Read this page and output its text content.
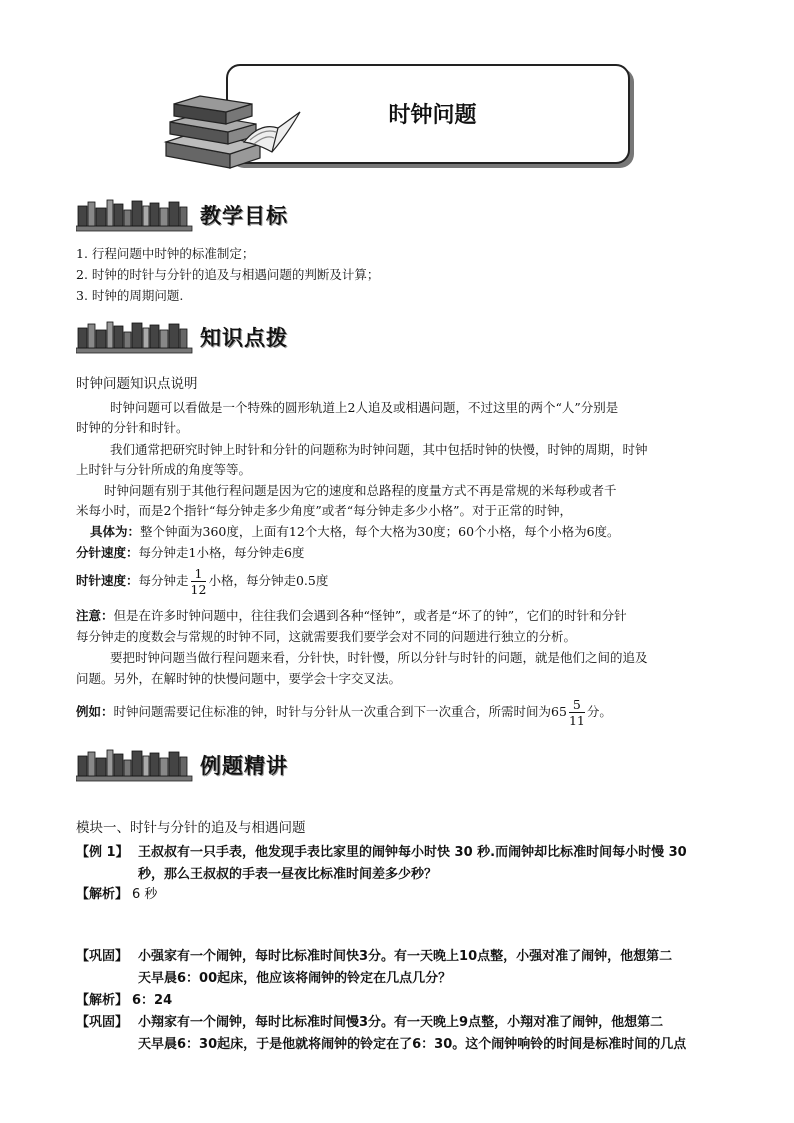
时钟问题
教学目标
1. 行程问题中时钟的标准制定；
2. 时钟的时针与分针的追及与相遇问题的判断及计算；
3. 时钟的周期问题.
知识点拨
时钟问题知识点说明
时钟问题可以看做是一个特殊的圆形轨道上2人追及或相遇问题，不过这里的两个“人”分别是
时钟的分针和时针。
我们通常把研究时钟上时针和分针的问题称为时钟问题，其中包括时钟的快慢，时钟的周期，时钟
上时针与分针所成的角度等等。
时钟问题有别于其他行程问题是因为它的速度和总路程的度量方式不再是常规的米每秒或者千
米每小时，而是2个指针“每分钟走多少角度”或者“每分钟走多少小格”。对于正常的时钟，
具体为：整个钟面为360度，上面有12个大格，每个大格为30度；60个小格，每个小格为6度。
分针速度：每分钟走1小格，每分钟走6度
时针速度：每分钟走 $\frac{1}{12}$ 小格，每分钟走0.5度
注意：但是在许多时钟问题中，往往我们会遇到各种“怪钟”，或者是“坏了的钟”，它们的时针和分针
每分钟走的度数会与常规的时钟不同，这就需要我们要学会对不同的问题进行独立的分析。
要把时钟问题当做行程问题来看，分针快，时针慢，所以分针与时针的问题，就是他们之间的追及
问题。另外，在解时钟的快慢问题中，要学会十字交叉法。
例如：时钟问题需要记住标准的钟，时针与分针从一次重合到下一次重合，所需时间为$65 \frac{5}{11}$ 分。
例题精讲
模块一、时针与分针的追及与相遇问题
【例 1】 王叔叔有一只手表，他发现手表比家里的闹钟每小时快 30 秒.而闹钟却比标准时间每小时慢 30
秒，那么王叔叔的手表一昼夜比标准时间差多少秒？
【解析】 6 秒
【巩固】 小强家有一个闹钟，每时比标准时间快3分。有一天晚上10点整，小强对准了闹钟，他想第二
天早晨6：00起床，他应该将闹钟的铃定在几点几分？
【解析】 6：24
【巩固】 小翔家有一个闹钟，每时比标准时间慢3分。有一天晚上9点整，小翔对准了闹钟，他想第二
天早晨6：30起床，于是他就将闹钟的铃定在了6：30。这个闹钟响铃的时间是标准时间的几点
